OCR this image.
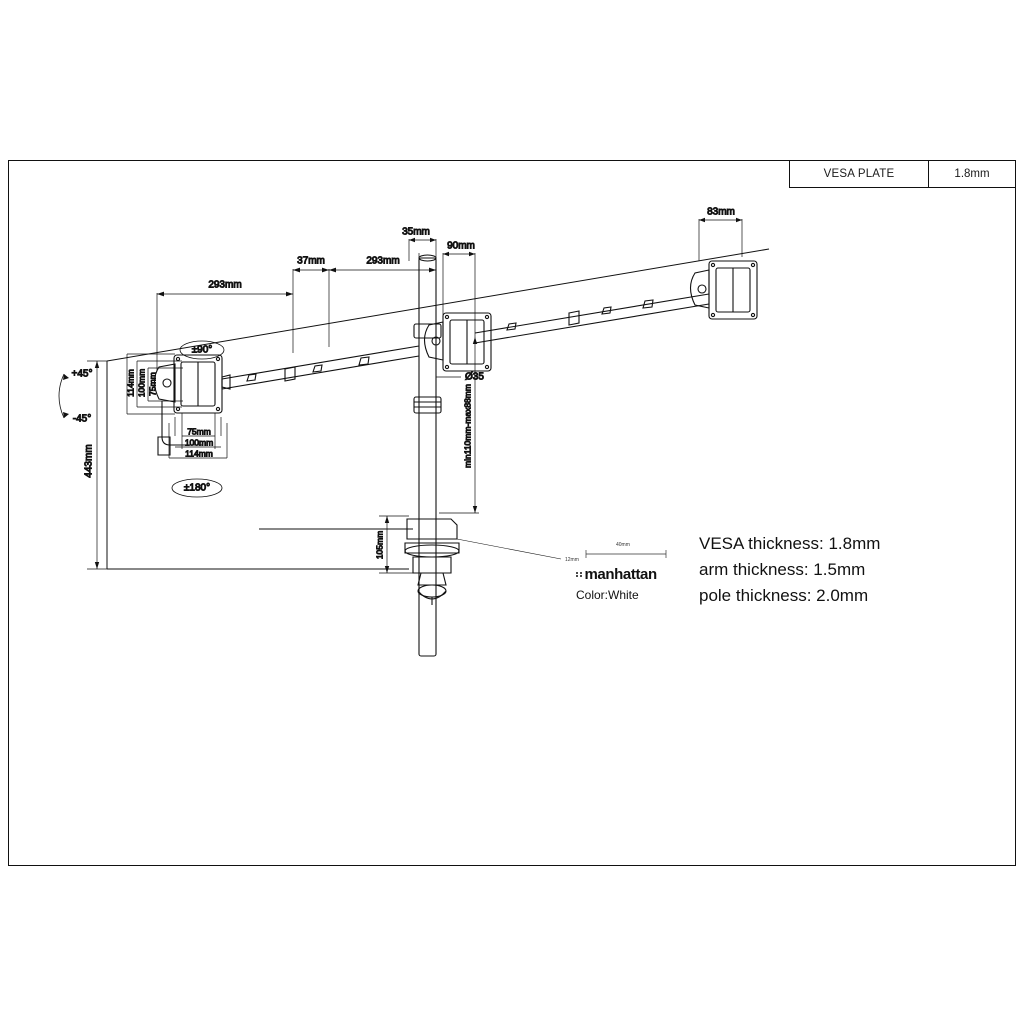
VESA PLATE	1.8mm
293mm
37mm	293mm
35mm
90mm
83mm
114mm 100mm 75mm
75mm
100mm
114mm
±90°
±180°
+45°
-45°
443mm
Ø35
min110mm-max88mm
105mm	40mm
12mm
manhattan
Color:White
VESA thickness: 1.8mm
arm thickness: 1.5mm
pole thickness: 2.0mm
